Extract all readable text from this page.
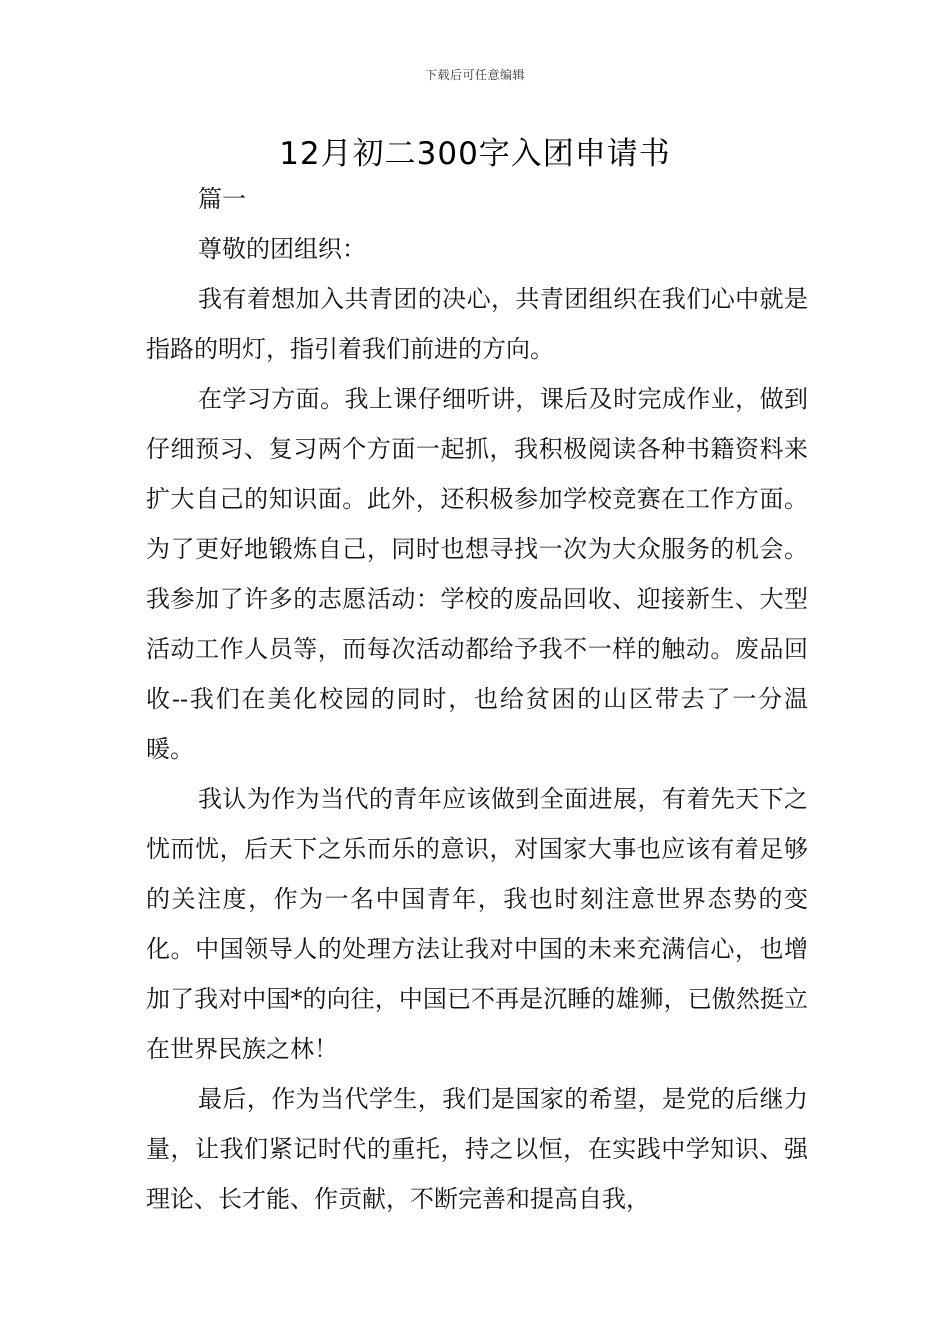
下载后可任意编辑
12月初二300字入团申请书

篇一

尊敬的团组织：

我有着想加入共青团的决心，共青团组织在我们心中就是指路的明灯，指引着我们前进的方向。

在学习方面。我上课仔细听讲，课后及时完成作业，做到仔细预习、复习两个方面一起抓，我积极阅读各种书籍资料来扩大自己的知识面。此外，还积极参加学校竞赛在工作方面。为了更好地锻炼自己，同时也想寻找一次为大众服务的机会。我参加了许多的志愿活动：学校的废品回收、迎接新生、大型活动工作人员等，而每次活动都给予我不一样的触动。废品回收--我们在美化校园的同时，也给贫困的山区带去了一分温暖。

我认为作为当代的青年应该做到全面进展，有着先天下之忧而忧，后天下之乐而乐的意识，对国家大事也应该有着足够的关注度，作为一名中国青年，我也时刻注意世界态势的变化。中国领导人的处理方法让我对中国的未来充满信心，也增加了我对中国*的向往，中国已不再是沉睡的雄狮，已傲然挺立在世界民族之林！

最后，作为当代学生，我们是国家的希望，是党的后继力量，让我们紧记时代的重托，持之以恒，在实践中学知识、强理论、长才能、作贡献，不断完善和提高自我，
